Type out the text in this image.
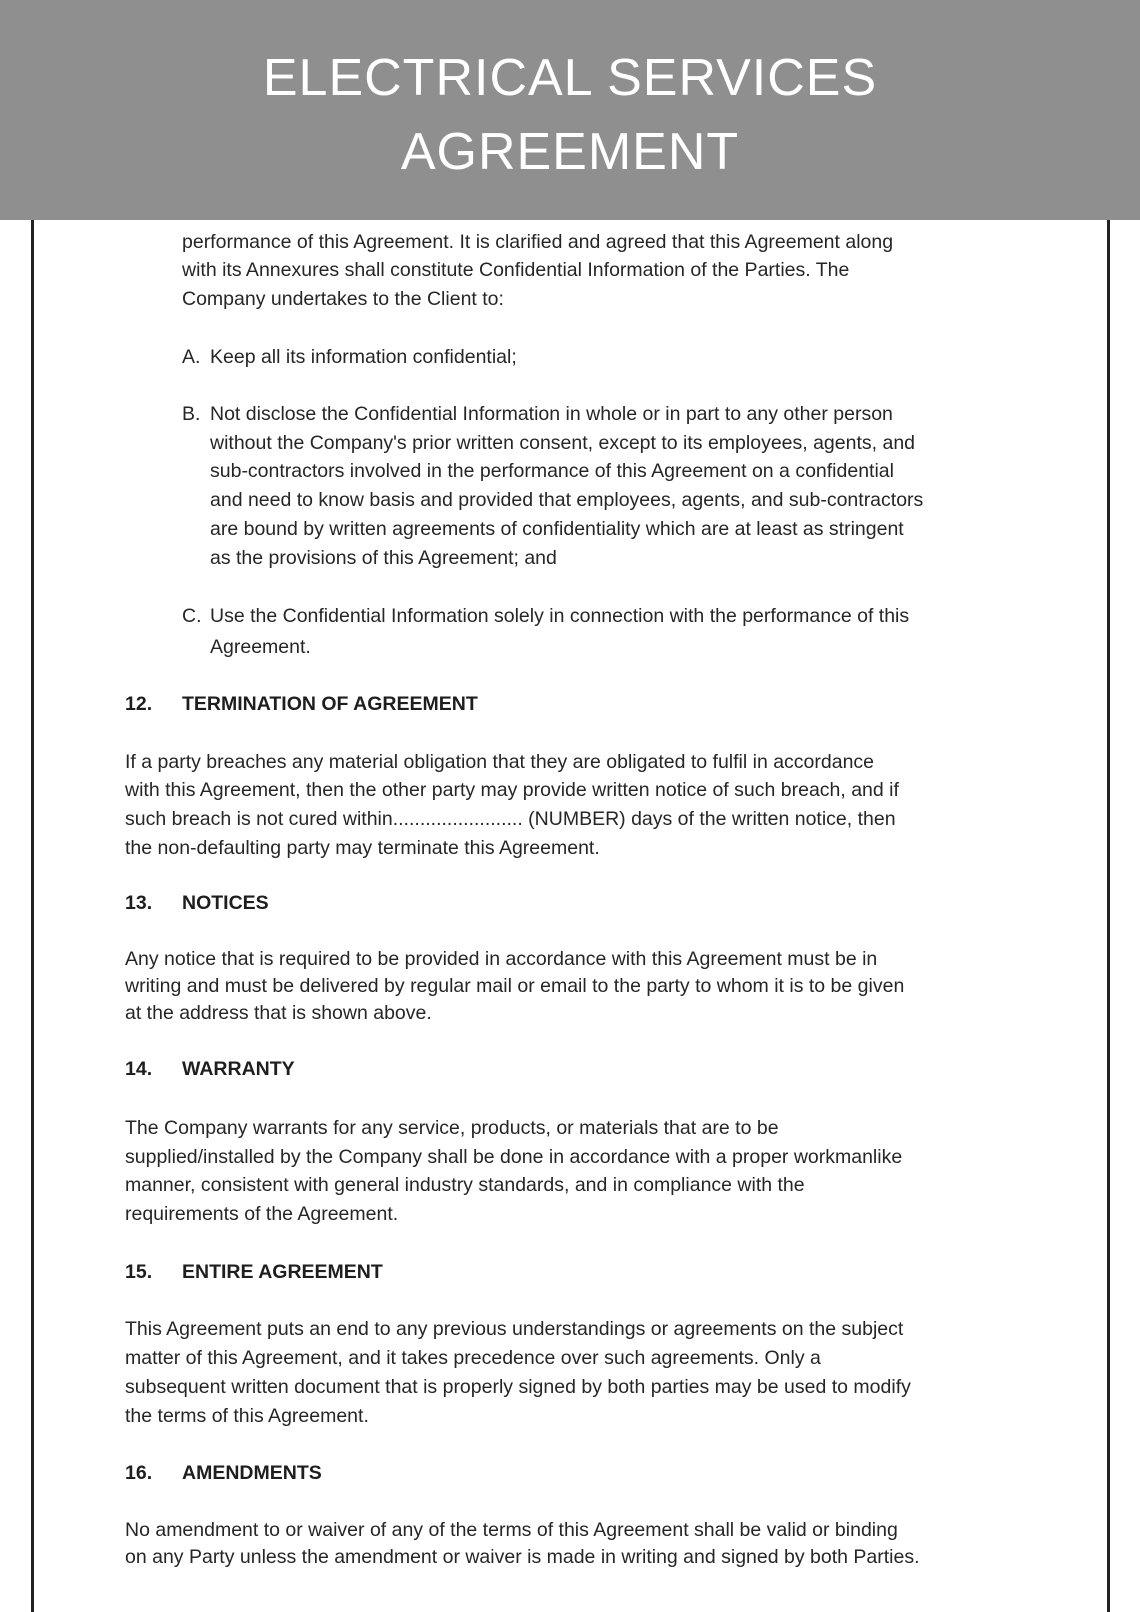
ELECTRICAL SERVICES
AGREEMENT
performance of this Agreement. It is clarified and agreed that this Agreement along
with its Annexures shall constitute Confidential Information of the Parties. The
Company undertakes to the Client to:
A. Keep all its information confidential;
B. Not disclose the Confidential Information in whole or in part to any other person
without the Company's prior written consent, except to its employees, agents, and
sub-contractors involved in the performance of this Agreement on a confidential
and need to know basis and provided that employees, agents, and sub-contractors
are bound by written agreements of confidentiality which are at least as stringent
as the provisions of this Agreement; and
C. Use the Confidential Information solely in connection with the performance of this
Agreement.
12. TERMINATION OF AGREEMENT
If a party breaches any material obligation that they are obligated to fulfil in accordance
with this Agreement, then the other party may provide written notice of such breach, and if
such breach is not cured within........................ (NUMBER) days of the written notice, then
the non-defaulting party may terminate this Agreement.
13. NOTICES
Any notice that is required to be provided in accordance with this Agreement must be in
writing and must be delivered by regular mail or email to the party to whom it is to be given
at the address that is shown above.
14. WARRANTY
The Company warrants for any service, products, or materials that are to be
supplied/installed by the Company shall be done in accordance with a proper workmanlike
manner, consistent with general industry standards, and in compliance with the
requirements of the Agreement.
15. ENTIRE AGREEMENT
This Agreement puts an end to any previous understandings or agreements on the subject
matter of this Agreement, and it takes precedence over such agreements. Only a
subsequent written document that is properly signed by both parties may be used to modify
the terms of this Agreement.
16. AMENDMENTS
No amendment to or waiver of any of the terms of this Agreement shall be valid or binding
on any Party unless the amendment or waiver is made in writing and signed by both Parties.
